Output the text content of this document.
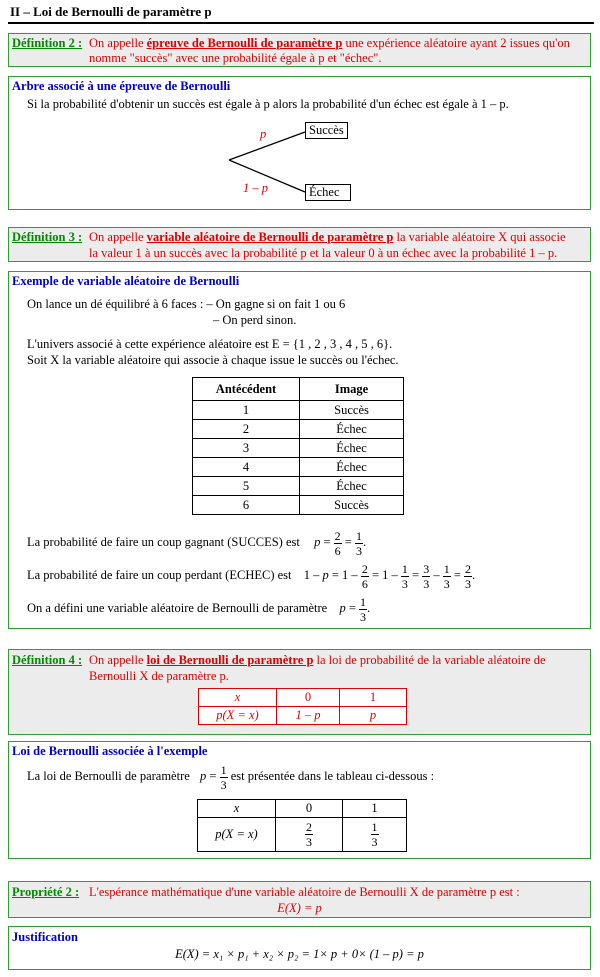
II – Loi de Bernoulli de paramètre p
Définition 2 : On appelle épreuve de Bernoulli de paramètre p une expérience aléatoire ayant 2 issues qu'on
nomme "succès" avec une probabilité égale à p et "échec".
Arbre associé à une épreuve de Bernoulli
Si la probabilité d'obtenir un succès est égale à p alors la probabilité d'un échec est égale à 1 – p.
p
1 – p
Succès
Échec
Définition 3 : On appelle variable aléatoire de Bernoulli de paramètre p la variable aléatoire X qui associe
la valeur 1 à un succès avec la probabilité p et la valeur 0 à un échec avec la probabilité 1 – p.
Exemple de variable aléatoire de Bernoulli
On lance un dé équilibré à 6 faces : – On gagne si on fait 1 ou 6
– On perd sinon.
L'univers associé à cette expérience aléatoire est E = {1 , 2 , 3 , 4 , 5 , 6}.
Soit X la variable aléatoire qui associe à chaque issue le succès ou l'échec.
Antécédent	Image
1	Succès
2	Échec
3	Échec
4	Échec
5	Échec
6	Succès
La probabilité de faire un coup gagnant (SUCCES) est $p = \frac{2}{6} = \frac{1}{3}$ .
La probabilité de faire un coup perdant (ECHEC) est  $1 - p = 1 - \frac{2}{6} = 1 - \frac{1}{3} = \frac{3}{3} - \frac{1}{3} = \frac{2}{3}$ .
On a défini une variable aléatoire de Bernoulli de paramètre $p = \frac{1}{3}$ .
Définition 4 : On appelle loi de Bernoulli de paramètre p la loi de probabilité de la variable aléatoire de
Bernoulli X de paramètre p.
x	0	1
p(X = x)	1 – p	p
Loi de Bernoulli associée à l'exemple
La loi de Bernoulli de paramètre $p = \frac{1}{3}$ est présentée dans le tableau ci-dessous :
x	0	1
p(X = x)	$\frac{2}{3}$	$\frac{1}{3}$
Propriété 2 : L'espérance mathématique d'une variable aléatoire de Bernoulli X de paramètre p est :
E(X) = p
Justification
E(X) = x₁ × p₁ + x₂ × p₂ = 1× p + 0× (1 – p) = p
